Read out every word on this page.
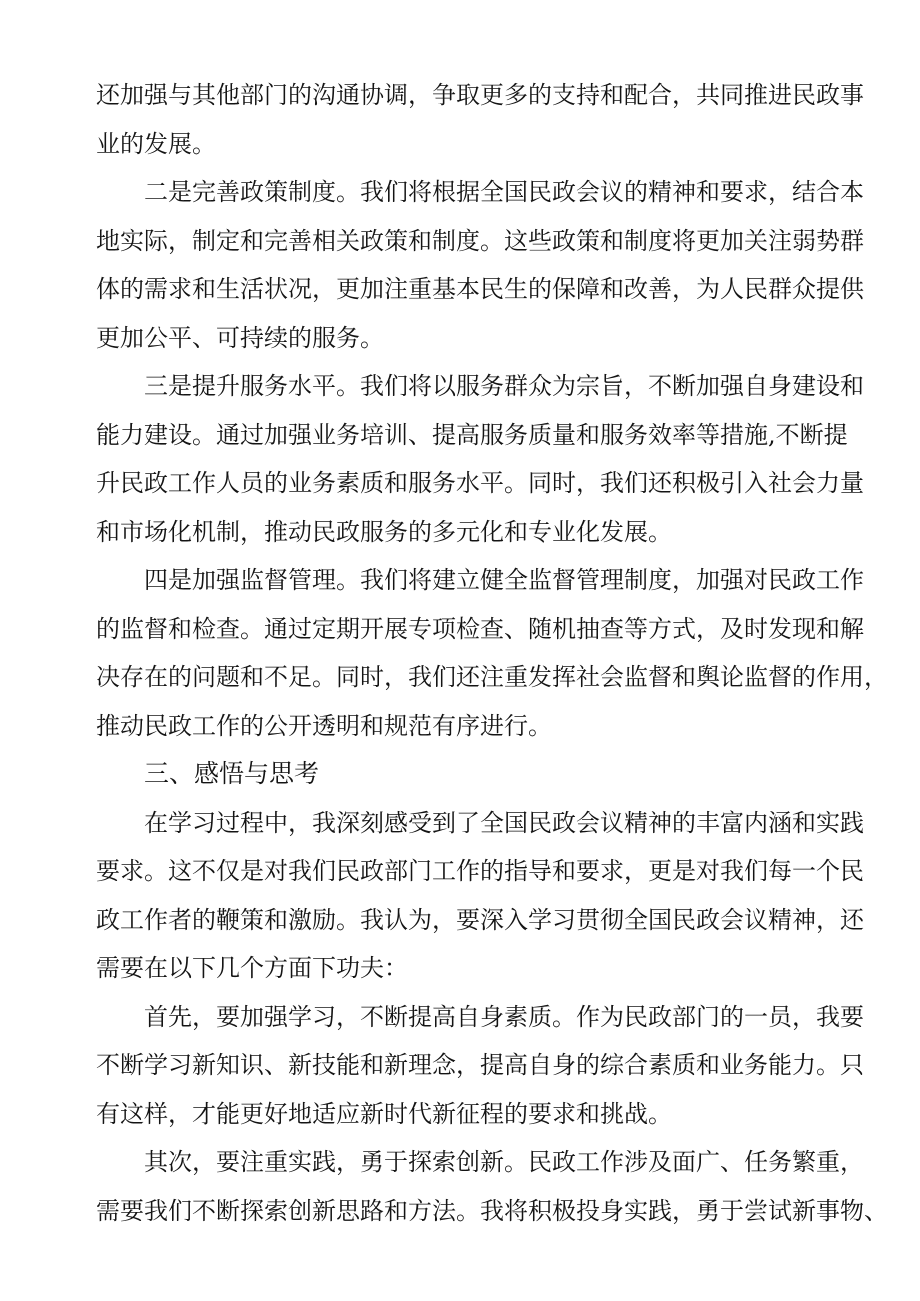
还加强与其他部门的沟通协调，争取更多的支持和配合，共同推进民政事
业的发展。
二是完善政策制度。我们将根据全国民政会议的精神和要求，结合本
地实际，制定和完善相关政策和制度。这些政策和制度将更加关注弱势群
体的需求和生活状况，更加注重基本民生的保障和改善，为人民群众提供
更加公平、可持续的服务。
三是提升服务水平。我们将以服务群众为宗旨，不断加强自身建设和
能力建设。通过加强业务培训、提高服务质量和服务效率等措施,不断提
升民政工作人员的业务素质和服务水平。同时，我们还积极引入社会力量
和市场化机制，推动民政服务的多元化和专业化发展。
四是加强监督管理。我们将建立健全监督管理制度，加强对民政工作
的监督和检查。通过定期开展专项检查、随机抽查等方式，及时发现和解
决存在的问题和不足。同时，我们还注重发挥社会监督和舆论监督的作用，
推动民政工作的公开透明和规范有序进行。
三、感悟与思考
在学习过程中，我深刻感受到了全国民政会议精神的丰富内涵和实践
要求。这不仅是对我们民政部门工作的指导和要求，更是对我们每一个民
政工作者的鞭策和激励。我认为，要深入学习贯彻全国民政会议精神，还
需要在以下几个方面下功夫：
首先，要加强学习，不断提高自身素质。作为民政部门的一员，我要
不断学习新知识、新技能和新理念，提高自身的综合素质和业务能力。只
有这样，才能更好地适应新时代新征程的要求和挑战。
其次，要注重实践，勇于探索创新。民政工作涉及面广、任务繁重，
需要我们不断探索创新思路和方法。我将积极投身实践，勇于尝试新事物、
